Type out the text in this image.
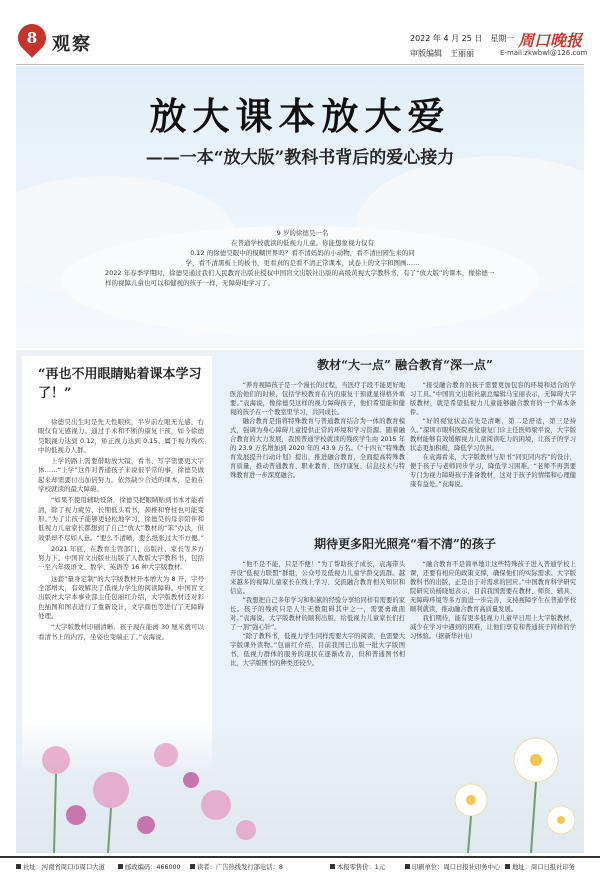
8 观察	2022 年 4 月 25 日　星期一
审版编辑　王丽丽
周口晚报
E-mail:zkwbwl@126.com
放大课本放大爱
——一本“放大版”教科书背后的爱心接力

9 岁的徐德昊一名

在普通学校就读的低视力儿童。你能想象视力仅有

0.12 的徐德昊眼中的模糊世界吗？看不清妈妈的小动物，看不清田园生来的同

学，看不清黑板上的板书，更看真的是看不清正常课本，试卷上的文字和图画……

2022 年春季学期时，徐德昊通过我们人民教育出版社授权中国盲文出版社出版的高级黄视大字教科书，有了“放大版”的课本，像徐德一样的视障儿童也可以和健视的孩子一样，无障碍地学习了。

“再也不用眼睛贴着课本学习了！”

徐德昊出生时是先天性眼疾，半岁前左眼无光感，右眼仅有光感视力。通过手术和不断的康复干预，如今徐德昊眼视力达到 0.12，矫正视力达到 0.15。属于视力残疾中的低视力人群。

上学的路上需要借助放大镜，看书、写字需要更大字体……“上学”这件对普通孩子来说很平常的事，徐德昊做起来却需要付出加倍努力。依然缺少合适的课本，是他在学校就读的最大障碍。

“如果不使用辅助设备，徐德昊把眼睛贴到书本才能看清，除了视力疲劳，长期低头看书，颈椎和脊柱也可能变形。”为了让孩子能够更轻松地学习，徐德昊的母亲陪伴和低视力儿童家长都想到了自己“放大”教材的“笨”办法，但效果却不尽如人意。“要么不清晰，要么纸张过大不方便。”

2021 年底，在教育主管部门、出版社、家长等多方努力下，中国盲文出版社出版了人教版大字教科书，包括一至六年级语文、数学、英语等 16 种大字版教材。

这套“量身定制”的大字版教材开本增大为 8 开，字号全部增大，有效解决了低视力学生的阅读障碍。中国盲文出版社大字本事业部主任包丽红介绍，大字版教材还对彩色插图和图表进行了重新设计，文字颜色等进行了无障碍处理。

“大字版教材印刷清晰，孩子现在能离 30 厘米就可以看清书上的内容，坐姿也变端正了。”袁海说。

教材“大一点” 融合教育“深一点”

“养育视障孩子是一个漫长的过程，当医疗手段不能更好地医治他们的时候，包括学校教育在内的康复干预就显得格外重要。”袁海说，像徐德昊这样的视力障碍孩子，他们希望能和健视的孩子在一个教室里学习，共同成长。

融合教育是指将特殊教育与普通教育结合为一体的教育模式，强调为身心障碍儿童提供正常的环境和学习资源。随着融合教育的大力发展，我国普通学校就读的残疾学生由 2015 年的 23.9 万名增加到 2020 年的 43.9 万名。《“十四五”特殊教育发展提升行动计划》提出，推进融合教育，全面提高特殊教育质量，推动普通教育、职业教育、医疗康复、信息技术与特殊教育进一步深度融合。

“接受融合教育的孩子需要更加包容的环境和适合的学习工具。”中国盲文出版社副总编辑马宝丽表示，无障碍大字版教材，就是希望低视力儿童能够融合教育的一个基本条件。

“好的视觉状态首先是清晰，第二是舒适，第三是持久。”深圳市眼科医院视觉康复门诊主任医师梁平说，大字版教材能够有效缓解视力儿童阅读吃力的困境，让孩子的学习状态更加积极，降低学习负担。

在袁海看来，大字版教材与原书“同页同内容”的设计，便于孩子与老师同步学习，降低学习困难。“老师不再需要专门为视力障碍孩子准备教材，这对于孩子的情绪和心理健康有益处。”袁海说。

期待更多阳光照亮“看不清”的孩子

“他不是不能，只是不便！”为了帮助孩子成长，袁海带头开设“低视力联盟”群组，公众号及低视力儿童学龄交流群。越来越多的视障儿童家长在线上学习、交流融合教育相关知识和信息。

“我想把自己多年学习和积累的经验分享给同样有需要的家长。孩子的残疾只是人生无数阻碍其中之一，需要勇敢面对。”袁海说，大字版教材的顺利出版，给低视力儿童家长们打了一剂“强心针”。

“除了教科书，低视力学生同样需要大字的阅读，也需要大字版课外读物。”包丽红介绍，目前我国已出版一批大字版图书，低视力群体的服务的现状在逐渐改善，但和普通图书相比，大字版图书的种类还较少。

“融合教育不是简单地让这些特殊孩子进入普通学校上课，还要有相应的政策支撑，确保他们的实际需求。大字版教科书的出版，正是出于对需求的回应。”中国教育科学研究院研究员杨晓旭表示，目前我国需要在教材、师资、辅具、无障碍环境等多方面进一步完善，支持视障学生在普通学校顺利就读，推动融合教育高质量发展。

我们期待，能有更多低视力儿童早日用上大字版教材，减少在学习中遇到的困难，让他们享有和普通孩子同样的学习体验。（据新华社电）

社址：河南省周口市周口大道	邮政编码：466000	读者：广告热线发行部电话：8	本报零售价：1元	印刷单位：周口日报社印务中心	地址：周口日报社印务
